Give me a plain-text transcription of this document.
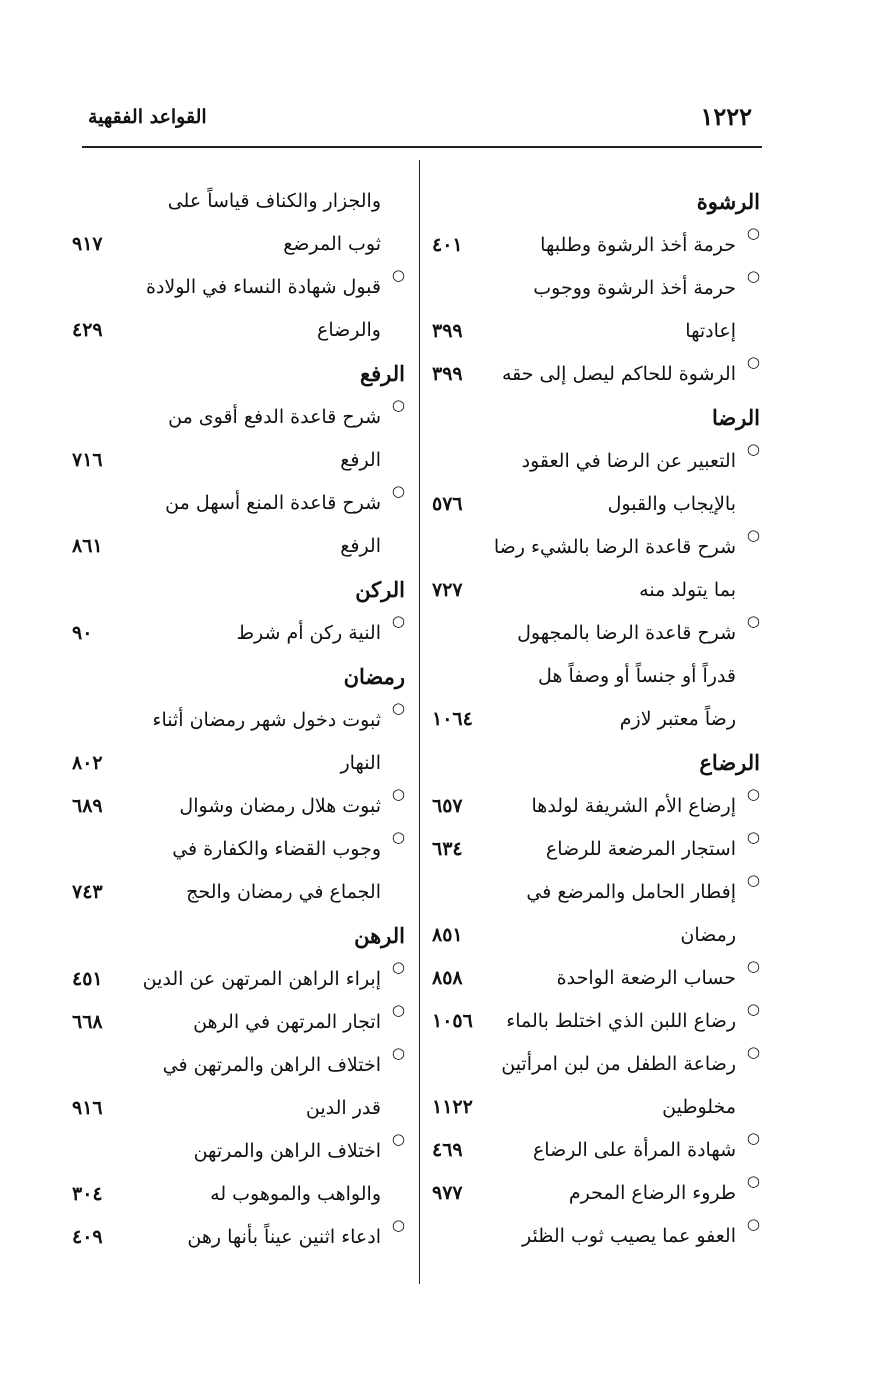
١٢٢٢
القواعد الفقهية
الرشوة
○
حرمة أخذ الرشوة وطلبها
٤٠١
○
حرمة أخذ الرشوة ووجوب
إعادتها
٣٩٩
○
الرشوة للحاكم ليصل إلى حقه
٣٩٩
الرضا
○
التعبير عن الرضا في العقود
بالإيجاب والقبول
٥٧٦
○
شرح قاعدة الرضا بالشيء رضا
بما يتولد منه
٧٢٧
○
شرح قاعدة الرضا بالمجهول
قدراً أو جنساً أو وصفاً هل
رضاً معتبر لازم
١٠٦٤
الرضاع
○
إرضاع الأم الشريفة لولدها
٦٥٧
○
استجار المرضعة للرضاع
٦٣٤
○
إفطار الحامل والمرضع في
رمضان
٨٥١
○
حساب الرضعة الواحدة
٨٥٨
○
رضاع اللبن الذي اختلط بالماء
١٠٥٦
○
رضاعة الطفل من لبن امرأتين
مخلوطين
١١٢٢
○
شهادة المرأة على الرضاع
٤٦٩
○
طروء الرضاع المحرم
٩٧٧
○
العفو عما يصيب ثوب الظئر
والجزار والكناف قياساً على
ثوب المرضع
٩١٧
○
قبول شهادة النساء في الولادة
والرضاع
٤٢٩
الرفع
○
شرح قاعدة الدفع أقوى من
الرفع
٧١٦
○
شرح قاعدة المنع أسهل من
الرفع
٨٦١
الركن
○
النية ركن أم شرط
٩٠
رمضان
○
ثبوت دخول شهر رمضان أثناء
النهار
٨٠٢
○
ثبوت هلال رمضان وشوال
٦٨٩
○
وجوب القضاء والكفارة في
الجماع في رمضان والحج
٧٤٣
الرهن
○
إبراء الراهن المرتهن عن الدين
٤٥١
○
اتجار المرتهن في الرهن
٦٦٨
○
اختلاف الراهن والمرتهن في
قدر الدين
٩١٦
○
اختلاف الراهن والمرتهن
والواهب والموهوب له
٣٠٤
○
ادعاء اثنين عيناً بأنها رهن
٤٠٩
